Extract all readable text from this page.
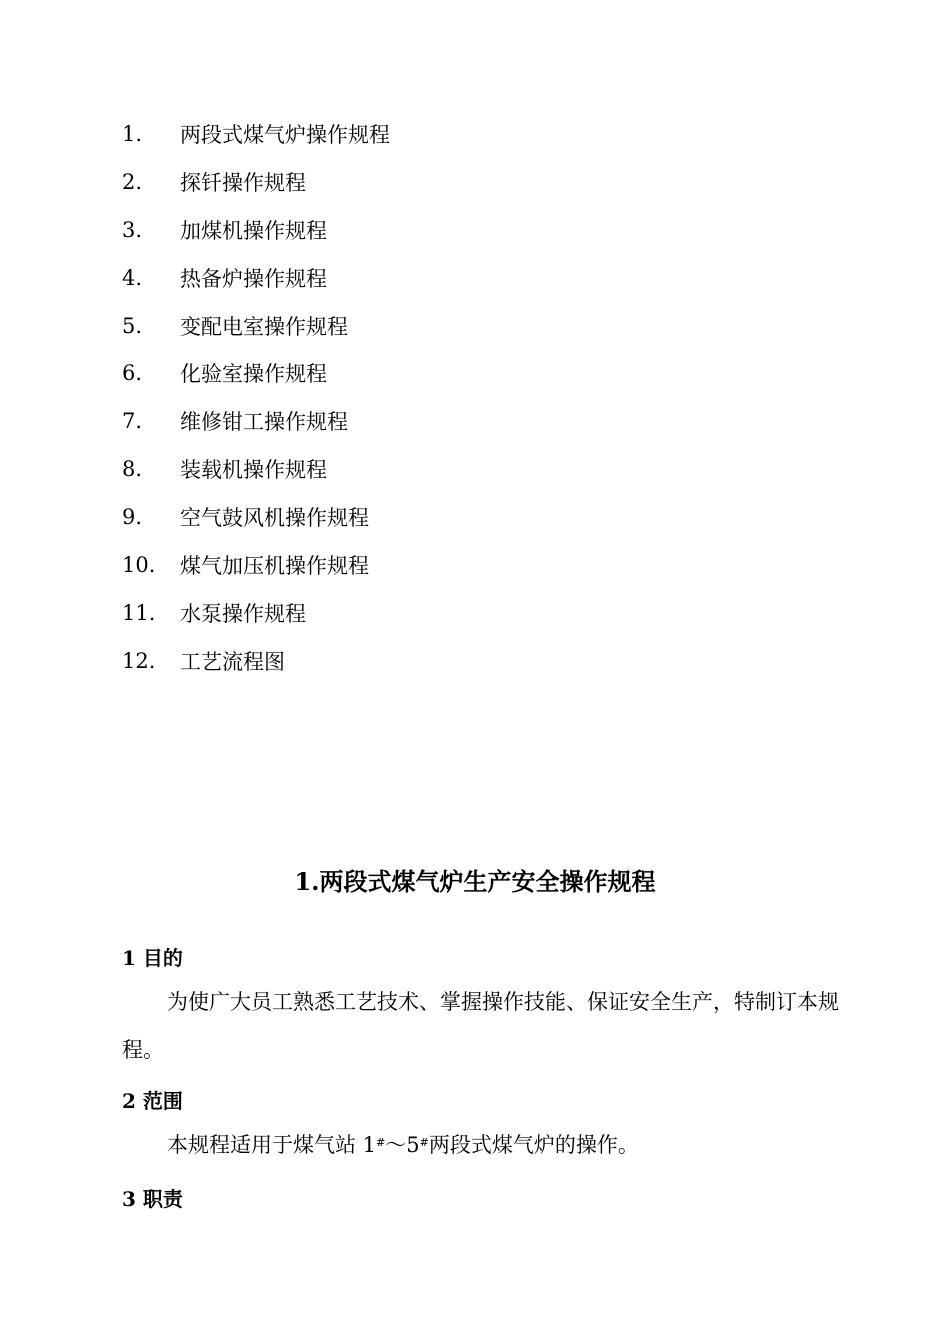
1.	两段式煤气炉操作规程
2.	探钎操作规程
3.	加煤机操作规程
4.	热备炉操作规程
5.	变配电室操作规程
6.	化验室操作规程
7.	维修钳工操作规程
8.	装载机操作规程
9.	空气鼓风机操作规程
10.	煤气加压机操作规程
11.	水泵操作规程
12.	工艺流程图
1.两段式煤气炉生产安全操作规程
1 目的
为使广大员工熟悉工艺技术、掌握操作技能、保证安全生产，特制订本规程。
2 范围
本规程适用于煤气站 1#～5#两段式煤气炉的操作。
3 职责
